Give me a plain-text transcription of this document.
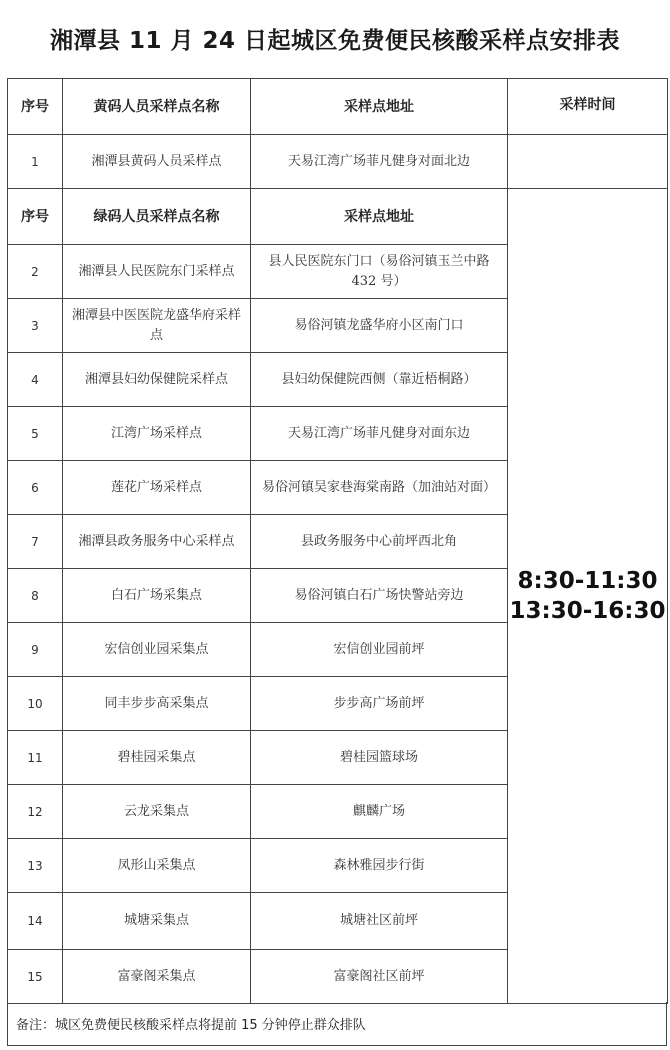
湘潭县 11 月 24 日起城区免费便民核酸采样点安排表
序号	黄码人员采样点名称	采样点地址	采样时间
1	湘潭县黄码人员采样点	天易江湾广场菲凡健身对面北边	
序号	绿码人员采样点名称	采样点地址	8:30-11:30
13:30-16:30

2	湘潭县人民医院东门采样点	县人民医院东门口（易俗河镇玉兰中路 432 号）	
3	湘潭县中医医院龙盛华府采样点	易俗河镇龙盛华府小区南门口	
4	湘潭县妇幼保健院采样点	县妇幼保健院西侧（靠近梧桐路）	
5	江湾广场采样点	天易江湾广场菲凡健身对面东边	
6	莲花广场采样点	易俗河镇吴家巷海棠南路（加油站对面）	
7	湘潭县政务服务中心采样点	县政务服务中心前坪西北角	
8	白石广场采集点	易俗河镇白石广场快警站旁边	
9	宏信创业园采集点	宏信创业园前坪	
10	同丰步步高采集点	步步高广场前坪	
11	碧桂园采集点	碧桂园篮球场	
12	云龙采集点	麒麟广场	
13	凤形山采集点	森林雅园步行街	
14	城塘采集点	城塘社区前坪	
15	富豪阁采集点	富豪阁社区前坪	
备注：城区免费便民核酸采样点将提前 15 分钟停止群众排队
